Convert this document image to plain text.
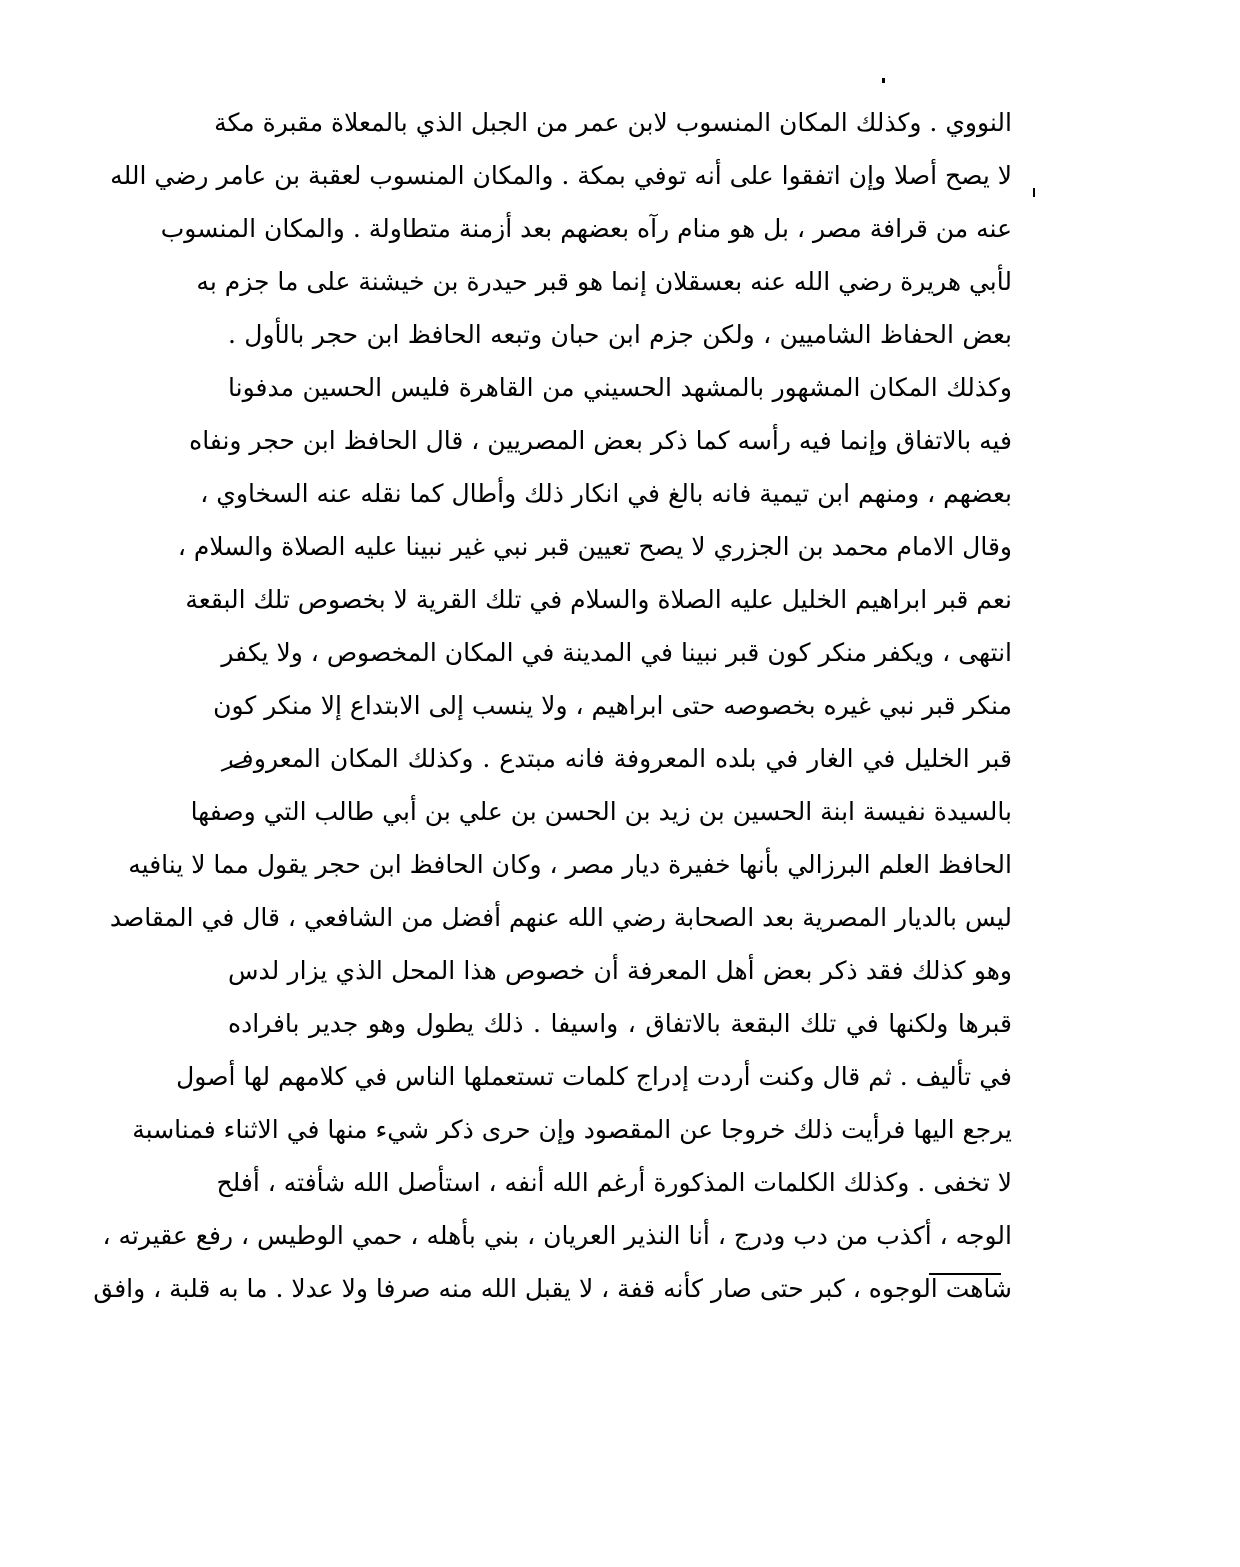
النووي . وكذلك المكان المنسوب لابن عمر من الجبل الذي بالمعلاة مقبرة مكة
لا يصح أصلا وإن اتفقوا على أنه توفي بمكة . والمكان المنسوب لعقبة بن عامر رضي الله
عنه من قرافة مصر ، بل هو منام رآه بعضهم بعد أزمنة متطاولة . والمكان المنسوب
لأبي هريرة رضي الله عنه بعسقلان إنما هو قبر حيدرة بن خيشنة على ما جزم به
بعض الحفاظ الشاميين ، ولكن جزم ابن حبان وتبعه الحافظ ابن حجر بالأول .
وكذلك المكان المشهور بالمشهد الحسيني من القاهرة فليس الحسين مدفونا
فيه بالاتفاق وإنما فيه رأسه كما ذكر بعض المصريين ، قال الحافظ ابن حجر ونفاه
بعضهم ، ومنهم ابن تيمية فانه بالغ في انكار ذلك وأطال كما نقله عنه السخاوي ،
وقال الامام محمد بن الجزري لا يصح تعيين قبر نبي غير نبينا عليه الصلاة والسلام ،
نعم قبر ابراهيم الخليل عليه الصلاة والسلام في تلك القرية لا بخصوص تلك البقعة
انتهى ، ويكفر منكر كون قبر نبينا في المدينة في المكان المخصوص ، ولا يكفر
منكر قبر نبي غيره بخصوصه حتى ابراهيم ، ولا ينسب إلى الابتداع إلا منكر كون
قبر الخليل في الغار في بلده المعروفة فانه مبتدع . وكذلك المكان المعروف
بالسيدة نفيسة ابنة الحسين بن زيد بن الحسن بن علي بن أبي طالب التي وصفها
الحافظ العلم البرزالي بأنها خفيرة ديار مصر ، وكان الحافظ ابن حجر يقول مما لا ينافيه
ليس بالديار المصرية بعد الصحابة رضي الله عنهم أفضل من الشافعي ، قال في المقاصد
وهو كذلك فقد ذكر بعض أهل المعرفة أن خصوص هذا المحل الذي يزار لدس
قبرها ولكنها في تلك البقعة بالاتفاق ، واسيفا . ذلك يطول وهو جدير بافراده
في تأليف . ثم قال وكنت أردت إدراج كلمات تستعملها الناس في كلامهم لها أصول
يرجع اليها فرأيت ذلك خروجا عن المقصود وإن حرى ذكر شيء منها في الاثناء فمناسبة
لا تخفى . وكذلك الكلمات المذكورة أرغم الله أنفه ، استأصل الله شأفته ، أفلح
الوجه ، أكذب من دب ودرج ، أنا النذير العريان ، بني بأهله ، حمي الوطيس ، رفع عقيرته ،
شاهت الوجوه ، كبر حتى صار كأنه قفة ، لا يقبل الله منه صرفا ولا عدلا . ما به قلبة ، وافق
